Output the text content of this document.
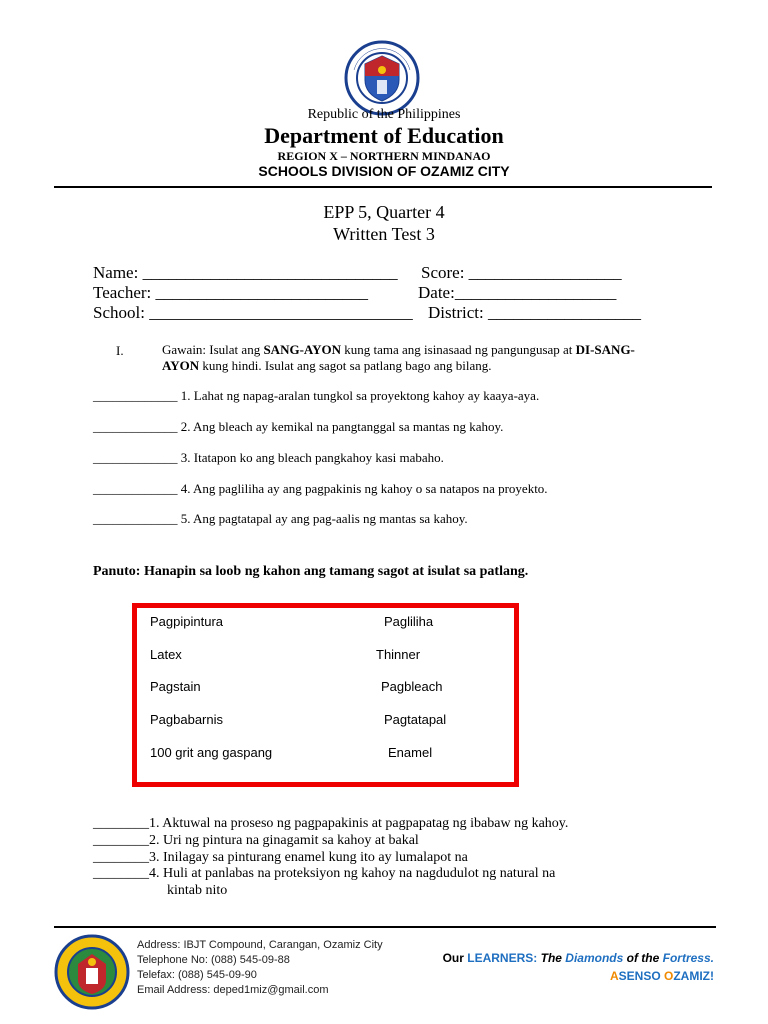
Republic of the Philippines
Department of Education
REGION X – NORTHERN MINDANAO
SCHOOLS DIVISION OF OZAMIZ CITY
EPP 5, Quarter 4
Written Test 3
Name: ______________________________ Score: __________________
Teacher: _________________________	Date:___________________
School: _______________________________ District: __________________
I.	Gawain: Isulat ang SANG-AYON kung tama ang isinasaad ng pangungusap at DI-SANG-AYON kung hindi. Isulat ang sagot sa patlang bago ang bilang.
_____________ 1. Lahat ng napag-aralan tungkol sa proyektong kahoy ay kaaya-aya.
_____________ 2. Ang bleach ay kemikal na pangtanggal sa mantas ng kahoy.
_____________ 3. Itatapon ko ang bleach pangkahoy kasi mabaho.
_____________ 4. Ang pagliliha ay ang pagpakinis ng kahoy o sa natapos na proyekto.
_____________ 5. Ang pagtatapal ay ang pag-aalis ng mantas sa kahoy.
Panuto: Hanapin sa loob ng kahon ang tamang sagot at isulat sa patlang.
Pagpipintura
Latex
Pagstain
Pagbabarnis
100 grit ang gaspang
Pagliliha
Thinner
Pagbleach
Pagtatapal
Enamel
________1. Aktuwal na proseso ng pagpapakinis at pagpapatag ng ibabaw ng kahoy.
________2. Uri ng pintura na ginagamit sa kahoy at bakal
________3. Inilagay sa pinturang enamel kung ito ay lumalapot na
________4. Huli at panlabas na proteksiyon ng kahoy na nagdudulot ng natural na
kintab nito
Address: IBJT Compound, Carangan, Ozamiz City
Telephone No: (088) 545-09-88
Telefax: (088) 545-09-90
Email Address: deped1miz@gmail.com
Our LEARNERS: The Diamonds of the Fortress.
ASENSO OZAMIZ!
